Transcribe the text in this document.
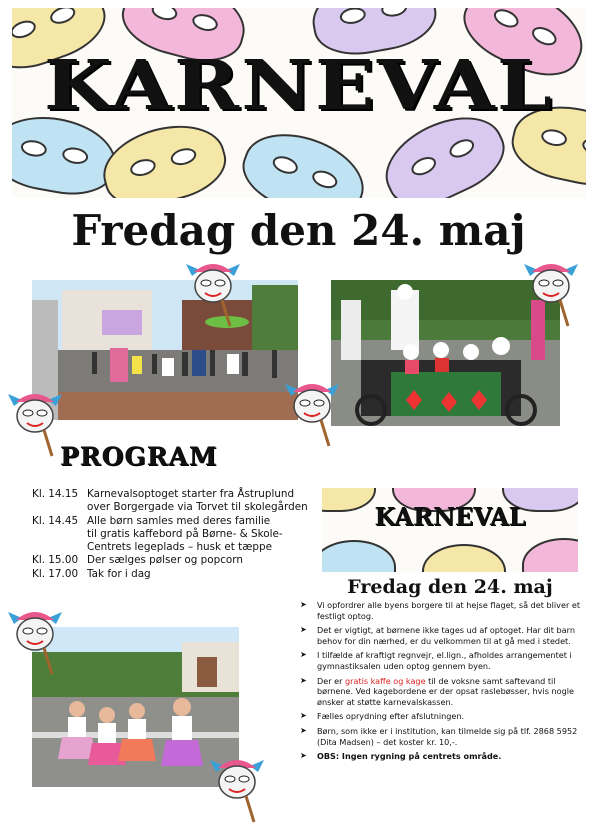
KARNEVAL
Fredag den 24. maj
PROGRAM
Kl. 14.15	Karnevalsoptoget starter fra Åstruplund
	over Borgergade via Torvet til skolegården
Kl. 14.45	Alle børn samles med deres familie
	til gratis kaffebord på Børne- & Skole-
	Centrets legeplads – husk et tæppe
Kl. 15.00	Der sælges pølser og popcorn
Kl. 17.00	Tak for i dag
KARNEVAL
Fredag den 24. maj
➤ Vi opfordrer alle byens borgere til at hejse flaget, så det bliver et festligt optog.
➤ Det er vigtigt, at børnene ikke tages ud af optoget. Har dit barn behov for din nærhed, er du velkommen til at gå med i stedet.
➤ I tilfælde af kraftigt regnvejr, el.lign., afholdes arrangementet i gymnastiksalen uden optog gennem byen.
➤ Der er gratis kaffe og kage til de voksne samt saftevand til børnene. Ved kagebordene er der opsat raslebøsser, hvis nogle ønsker at støtte karnevalskassen.
➤ Fælles oprydning efter afslutningen.
➤ Børn, som ikke er i institution, kan tilmelde sig på tlf. 2868 5952 (Dita Madsen) – det koster kr. 10,-.
➤ OBS: Ingen rygning på centrets område.
